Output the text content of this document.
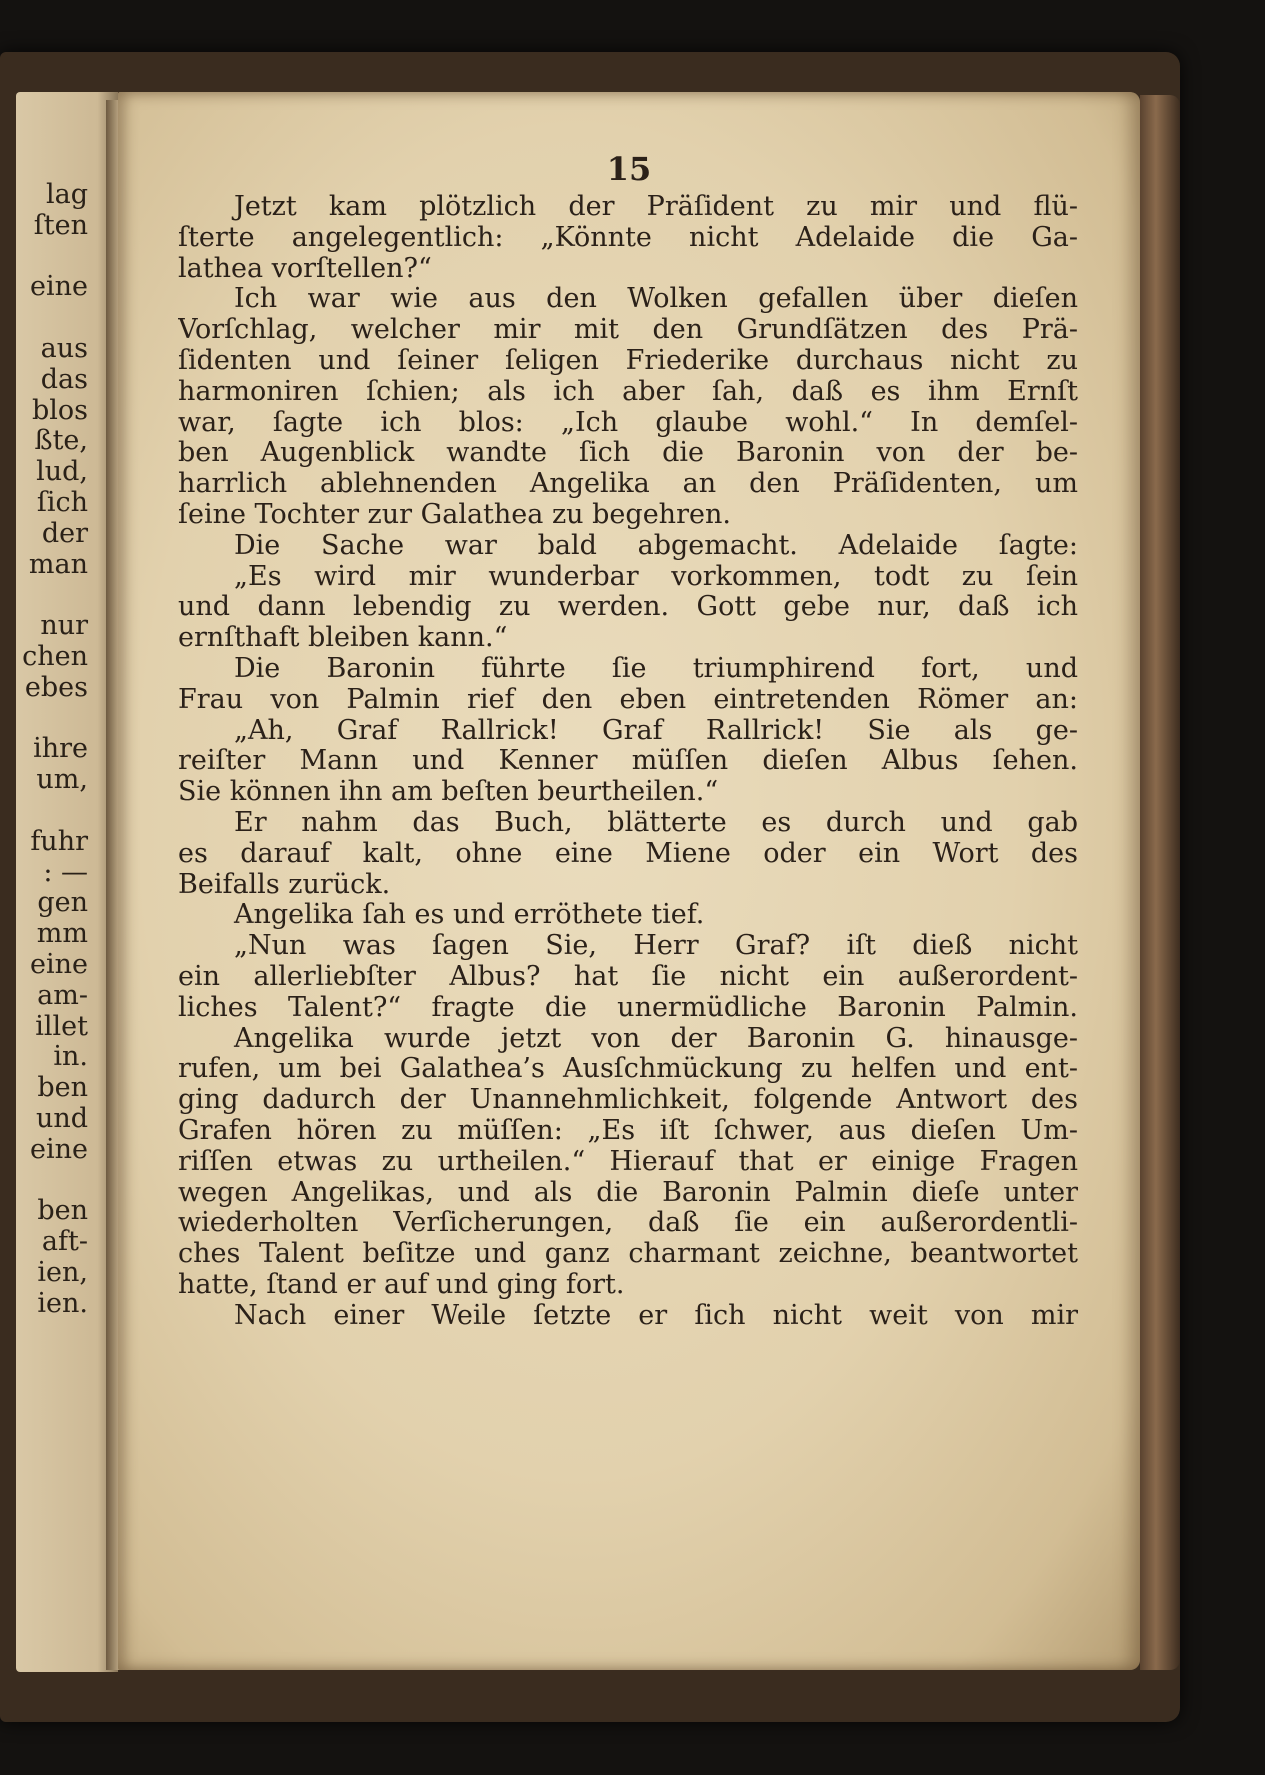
lag
ſten
eine
aus
das
blos
ßte,
lud,
ſich
der
man
nur
chen
ebes
ihre
um,
fuhr
: —
gen
mm
eine
am-
illet
in.
ben
und
eine
ben
aft-
ien,
ien.
15
Jetzt kam plötzlich der Präſident zu mir und flü-
ſterte angelegentlich: „Könnte nicht Adelaide die Ga-
lathea vorſtellen?“
Ich war wie aus den Wolken gefallen über dieſen
Vorſchlag, welcher mir mit den Grundſätzen des Prä-
ſidenten und ſeiner ſeligen Friederike durchaus nicht zu
harmoniren ſchien; als ich aber ſah, daß es ihm Ernſt
war, ſagte ich blos: „Ich glaube wohl.“ In demſel-
ben Augenblick wandte ſich die Baronin von der be-
harrlich ablehnenden Angelika an den Präſidenten, um
ſeine Tochter zur Galathea zu begehren.
Die Sache war bald abgemacht. Adelaide ſagte:
„Es wird mir wunderbar vorkommen, todt zu ſein
und dann lebendig zu werden. Gott gebe nur, daß ich
ernſthaft bleiben kann.“
Die Baronin führte ſie triumphirend fort, und
Frau von Palmin rief den eben eintretenden Römer an:
„Ah, Graf Rallrick! Graf Rallrick! Sie als ge-
reiſter Mann und Kenner müſſen dieſen Albus ſehen.
Sie können ihn am beſten beurtheilen.“
Er nahm das Buch, blätterte es durch und gab
es darauf kalt, ohne eine Miene oder ein Wort des
Beifalls zurück.
Angelika ſah es und erröthete tief.
„Nun was ſagen Sie, Herr Graf? iſt dieß nicht
ein allerliebſter Albus? hat ſie nicht ein außerordent-
liches Talent?“ fragte die unermüdliche Baronin Palmin.
Angelika wurde jetzt von der Baronin G. hinausge-
rufen, um bei Galathea’s Ausſchmückung zu helfen und ent-
ging dadurch der Unannehmlichkeit, folgende Antwort des
Grafen hören zu müſſen: „Es iſt ſchwer, aus dieſen Um-
riſſen etwas zu urtheilen.“ Hierauf that er einige Fragen
wegen Angelikas, und als die Baronin Palmin dieſe unter
wiederholten Verſicherungen, daß ſie ein außerordentli-
ches Talent beſitze und ganz charmant zeichne, beantwortet
hatte, ſtand er auf und ging fort.
Nach einer Weile ſetzte er ſich nicht weit von mir
